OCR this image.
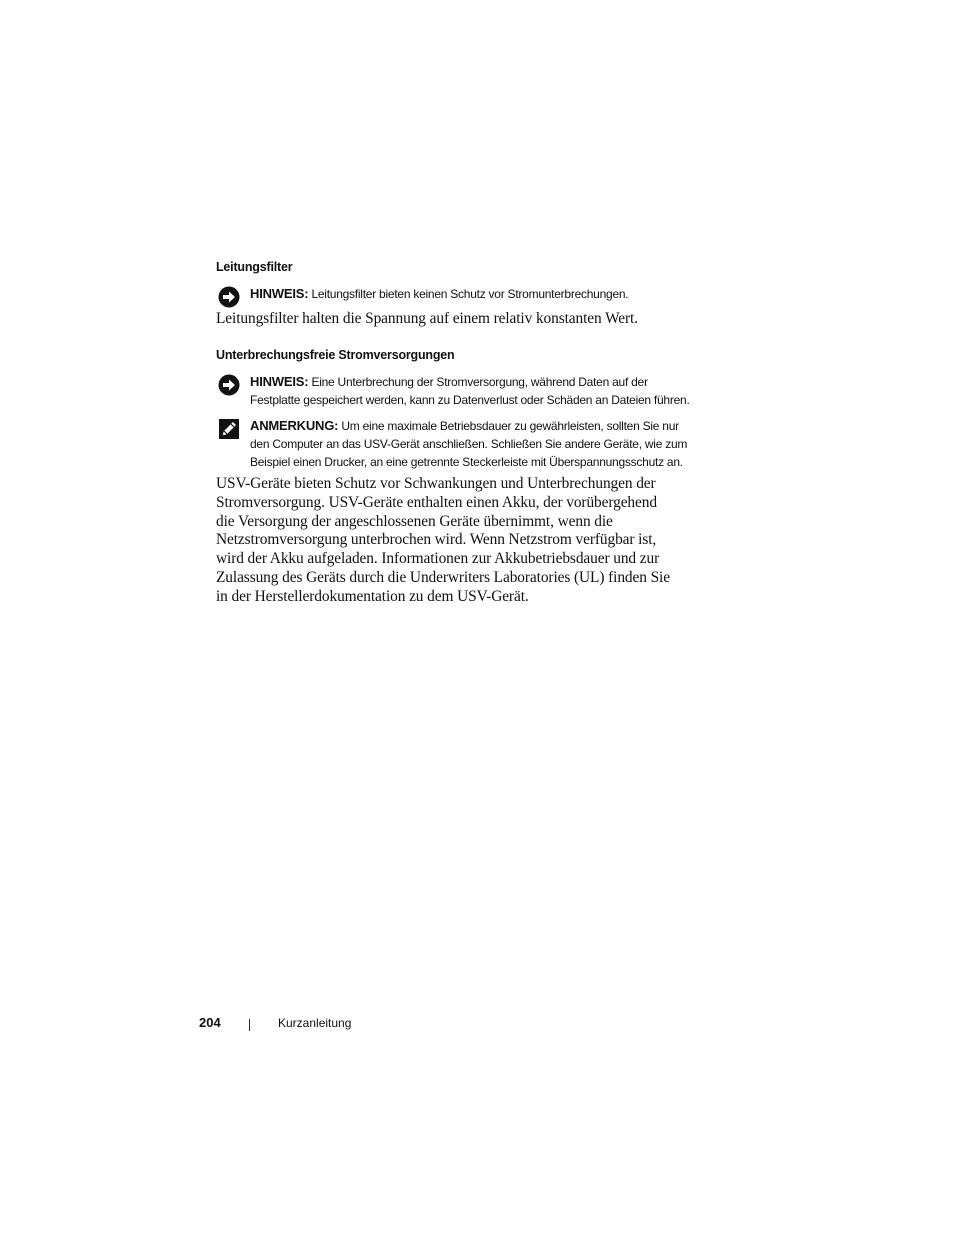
Leitungsfilter
HINWEIS: Leitungsfilter bieten keinen Schutz vor Stromunterbrechungen.

Leitungsfilter halten die Spannung auf einem relativ konstanten Wert.

Unterbrechungsfreie Stromversorgungen
HINWEIS: Eine Unterbrechung der Stromversorgung, während Daten auf der
Festplatte gespeichert werden, kann zu Datenverlust oder Schäden an Dateien führen.
ANMERKUNG: Um eine maximale Betriebsdauer zu gewährleisten, sollten Sie nur
den Computer an das USV-Gerät anschließen. Schließen Sie andere Geräte, wie zum
Beispiel einen Drucker, an eine getrennte Steckerleiste mit Überspannungsschutz an.

USV-Geräte bieten Schutz vor Schwankungen und Unterbrechungen der
Stromversorgung. USV-Geräte enthalten einen Akku, der vorübergehend
die Versorgung der angeschlossenen Geräte übernimmt, wenn die
Netzstromversorgung unterbrochen wird. Wenn Netzstrom verfügbar ist,
wird der Akku aufgeladen. Informationen zur Akkubetriebsdauer und zur
Zulassung des Geräts durch die Underwriters Laboratories (UL) finden Sie
in der Herstellerdokumentation zu dem USV-Gerät.

204	Kurzanleitung
